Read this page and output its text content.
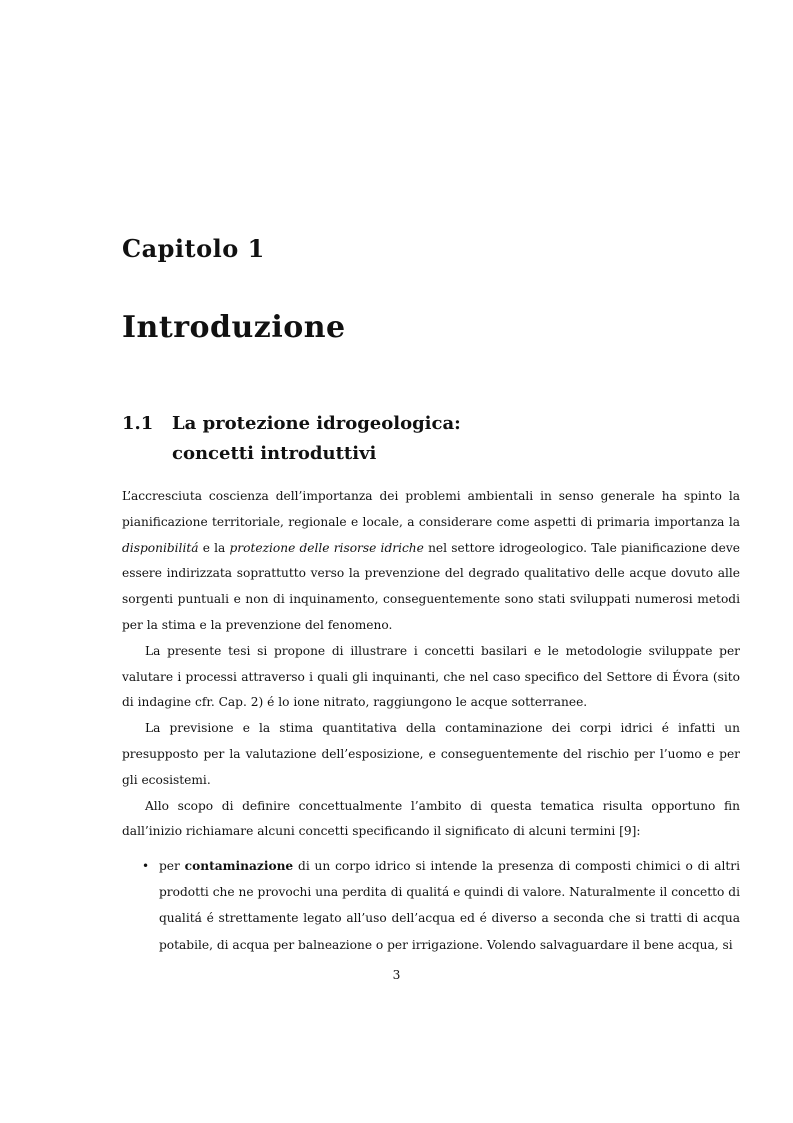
Capitolo 1
Introduzione
1.1	La protezione idrogeologica:
concetti introduttivi

L’accresciuta coscienza dell’importanza dei problemi ambientali in senso generale ha spinto la pianificazione territoriale, regionale e locale, a considerare come aspetti di primaria importanza la disponibilitá e la protezione delle risorse idriche nel settore idrogeologico. Tale pianificazione deve essere indirizzata soprattutto verso la prevenzione del degrado qualitativo delle acque dovuto alle sorgenti puntuali e non di inquinamento, conseguentemente sono stati sviluppati numerosi metodi per la stima e la prevenzione del fenomeno.

La presente tesi si propone di illustrare i concetti basilari e le metodologie sviluppate per valutare i processi attraverso i quali gli inquinanti, che nel caso specifico del Settore di Évora (sito di indagine cfr. Cap. 2) é lo ione nitrato, raggiungono le acque sotterranee.

La previsione e la stima quantitativa della contaminazione dei corpi idrici é infatti un presupposto per la valutazione dell’esposizione, e conseguentemente del rischio per l’uomo e per gli ecosistemi.

Allo scopo di definire concettualmente l’ambito di questa tematica risulta opportuno fin dall’inizio richiamare alcuni concetti specificando il significato di alcuni termini [9]:

• per contaminazione di un corpo idrico si intende la presenza di composti chimici o di altri prodotti che ne provochi una perdita di qualitá e quindi di valore. Naturalmente il concetto di qualitá é strettamente legato all’uso dell’acqua ed é diverso a seconda che si tratti di acqua potabile, di acqua per balneazione o per irrigazione. Volendo salvaguardare il bene acqua, si
3
